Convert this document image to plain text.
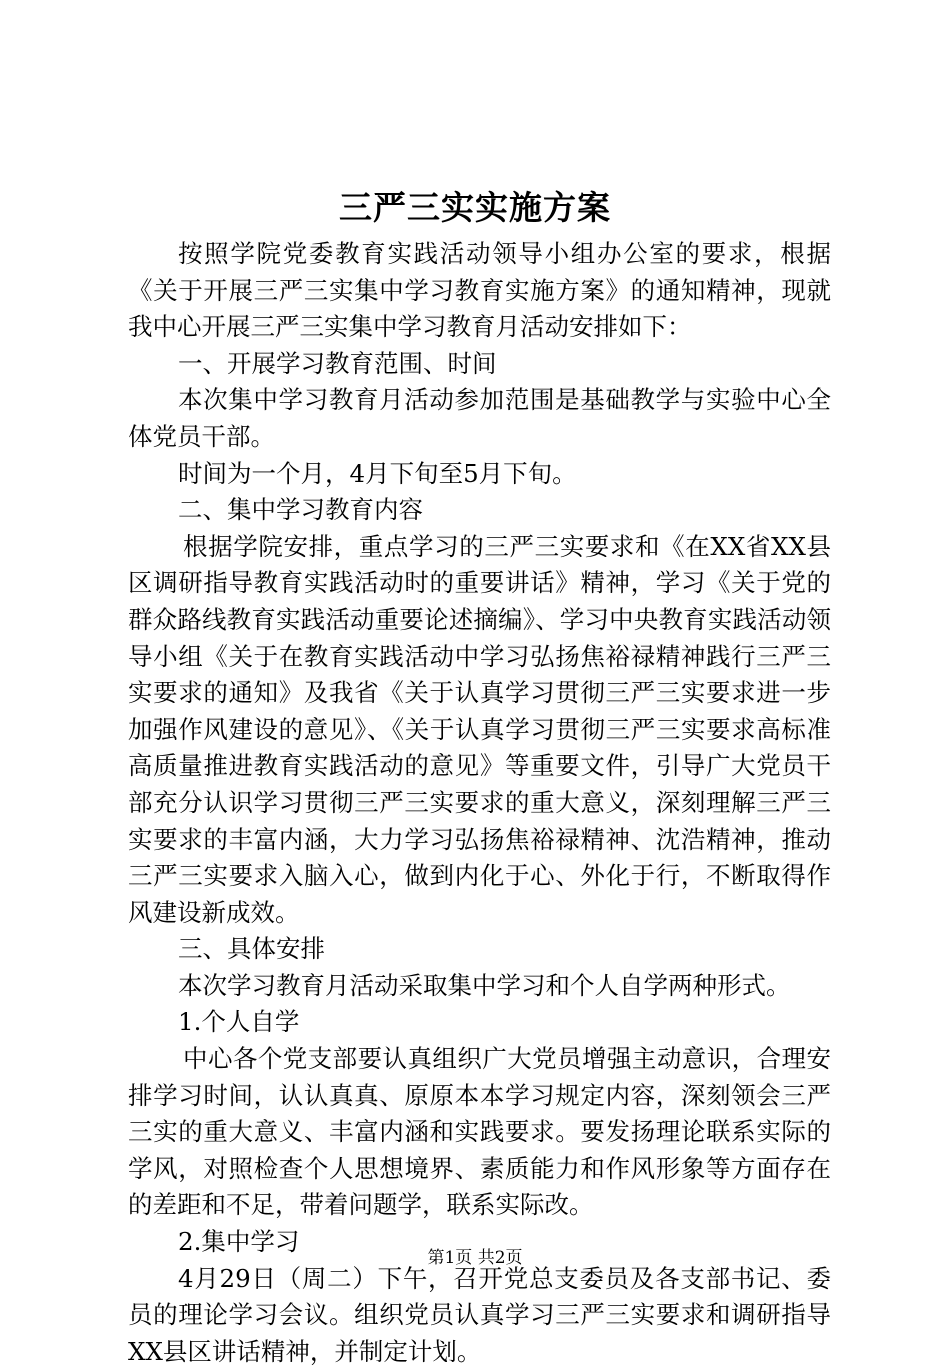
三严三实实施方案

按照学院党委教育实践活动领导小组办公室的要求，根据《关于开展三严三实集中学习教育实施方案》的通知精神，现就我中心开展三严三实集中学习教育月活动安排如下：

一、开展学习教育范围、时间

本次集中学习教育月活动参加范围是基础教学与实验中心全体党员干部。

时间为一个月，4月下旬至5月下旬。

二、集中学习教育内容

根据学院安排，重点学习的三严三实要求和《在XX省XX县区调研指导教育实践活动时的重要讲话》精神，学习《关于党的群众路线教育实践活动重要论述摘编》、学习中央教育实践活动领导小组《关于在教育实践活动中学习弘扬焦裕禄精神践行三严三实要求的通知》及我省《关于认真学习贯彻三严三实要求进一步加强作风建设的意见》、《关于认真学习贯彻三严三实要求高标准高质量推进教育实践活动的意见》等重要文件，引导广大党员干部充分认识学习贯彻三严三实要求的重大意义，深刻理解三严三实要求的丰富内涵，大力学习弘扬焦裕禄精神、沈浩精神，推动三严三实要求入脑入心，做到内化于心、外化于行，不断取得作风建设新成效。

三、具体安排

本次学习教育月活动采取集中学习和个人自学两种形式。

1.个人自学

中心各个党支部要认真组织广大党员增强主动意识，合理安排学习时间，认认真真、原原本本学习规定内容，深刻领会三严三实的重大意义、丰富内涵和实践要求。要发扬理论联系实际的学风，对照检查个人思想境界、素质能力和作风形象等方面存在的差距和不足，带着问题学，联系实际改。

2.集中学习

4月29日（周二）下午，召开党总支委员及各支部书记、委员的理论学习会议。组织党员认真学习三严三实要求和调研指导XX县区讲话精神，并制定计划。

第1页 共2页
